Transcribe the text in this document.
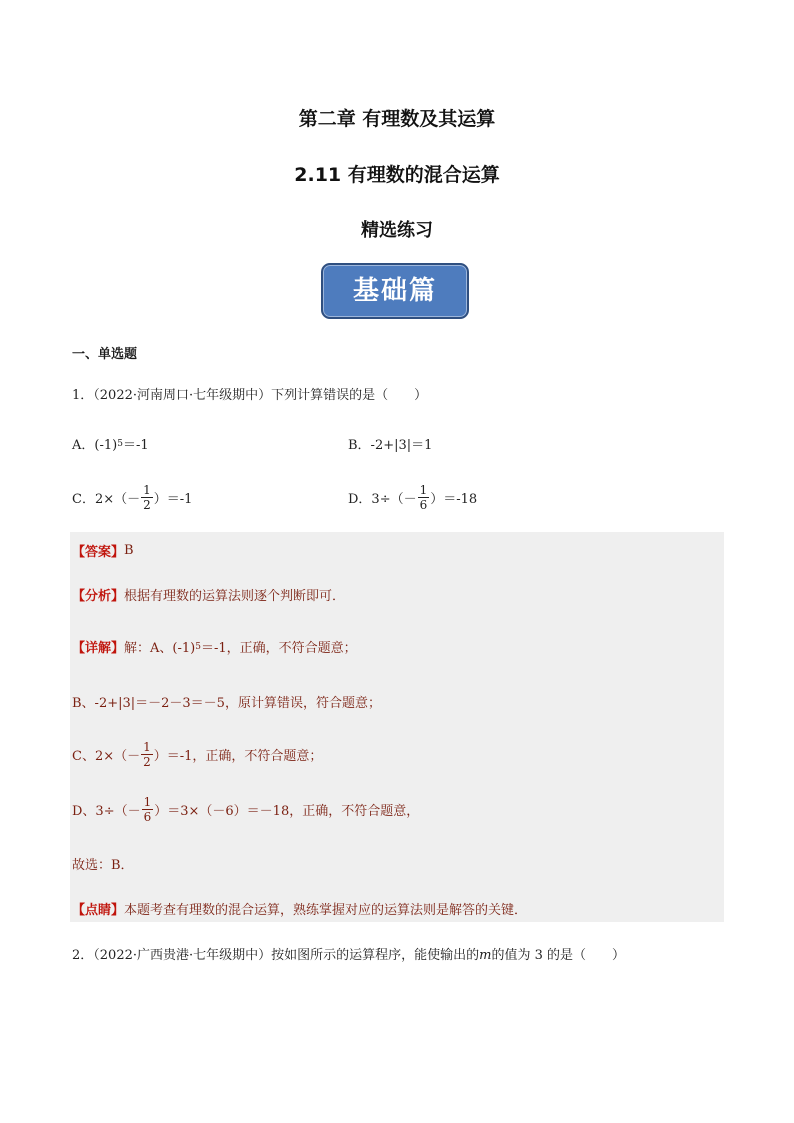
第二章 有理数及其运算
2.11 有理数的混合运算
精选练习
基础篇
一、单选题
1．（2022·河南周口·七年级期中）下列计算错误的是（　　）
A．(-1) 5 ＝-1	B．-2+|3|＝1
C．$2\times(- \frac{1}{2} )=-1$	D．$3\div(- \frac{1}{6} )=-18$
【答案】 B
【分析】 根据有理数的运算法则逐个判断即可．
【详解】 解：A、(-1) 5 ＝-1，正确，不符合题意；
B、-2+|3|＝－2－3＝－5，原计算错误，符合题意；
C、$2\times(- \frac{1}{2} )=-1$，正确，不符合题意；
D、$3\div(- \frac{1}{6} )=3\times(-6)=-18$，正确，不符合题意，
故选：B．
【点睛】 本题考查有理数的混合运算，熟练掌握对应的运算法则是解答的关键．
2．（2022·广西贵港·七年级期中）按如图所示的运算程序，能使输出的m的值为 3 的是（　　）
